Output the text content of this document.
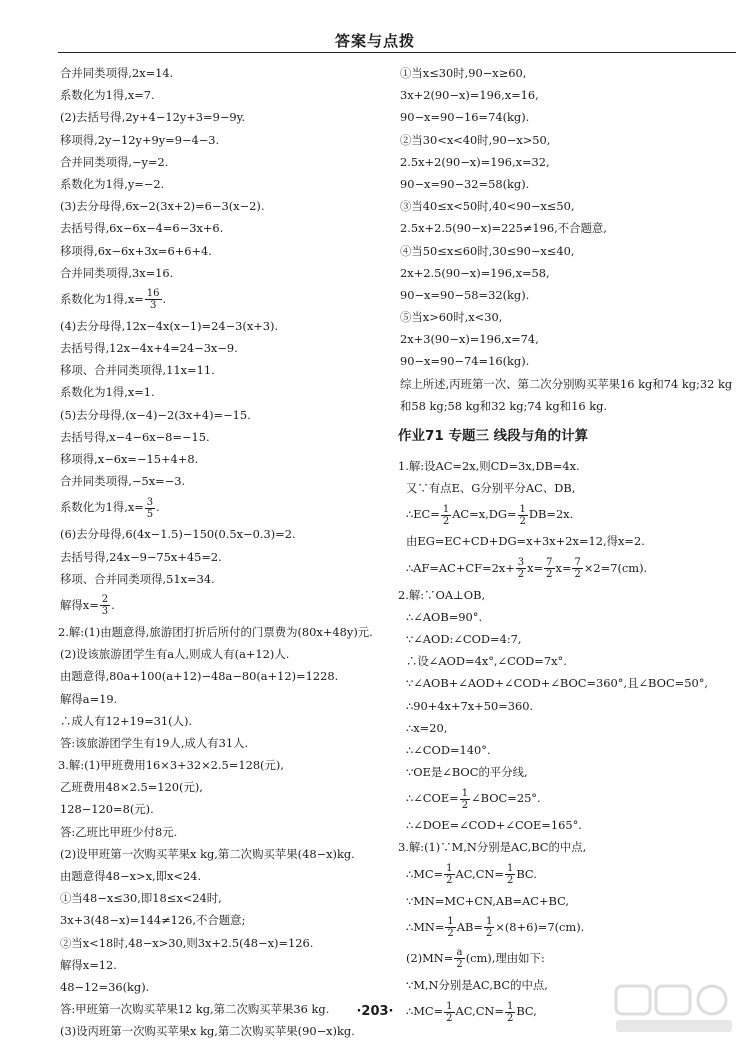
答案与点拨
合并同类项得,2x=14.
系数化为1得,x=7.
(2)去括号得,2y+4−12y+3=9−9y.
移项得,2y−12y+9y=9−4−3.
合并同类项得,−y=2.
系数化为1得,y=−2.
(3)去分母得,6x−2(3x+2)=6−3(x−2).
去括号得,6x−6x−4=6−3x+6.
移项得,6x−6x+3x=6+6+4.
合并同类项得,3x=16.
系数化为1得$,x= \frac{16}{3}$ .
(4)去分母得,12x−4x(x−1)=24−3(x+3).
去括号得,12x−4x+4=24−3x−9.
移项、合并同类项得,11x=11.
系数化为1得,x=1.
(5)去分母得,(x−4)−2(3x+4)=−15.
去括号得,x−4−6x−8=−15.
移项得,x−6x=−15+4+8.
合并同类项得,−5x=−3.
系数化为1得$,x= \frac{3}{5}$ .
(6)去分母得,6(4x−1.5)−150(0.5x−0.3)=2.
去括号得,24x−9−75x+45=2.
移项、合并同类项得,51x=34.
解得$x= \frac{2}{3}$ .
2.解:(1)由题意得,旅游团打折后所付的门票费为(80x+48y)元.
(2)设该旅游团学生有a人,则成人有(a+12)人.
由题意得,80a+100(a+12)−48a−80(a+12)=1228.
解得a=19.
∴成人有12+19=31(人).
答:该旅游团学生有19人,成人有31人.
3.解:(1)甲班费用16×3+32×2.5=128(元),
乙班费用48×2.5=120(元),
128−120=8(元).
答:乙班比甲班少付8元.
(2)设甲班第一次购买苹果x kg,第二次购买苹果(48−x)kg.
由题意得48−x>x,即x<24.
①当48−x≤30,即18≤x<24时,
3x+3(48−x)=144≠126,不合题意;
②当x<18时,48−x>30,则3x+2.5(48−x)=126.
解得x=12.
48−12=36(kg).
答:甲班第一次购买苹果12 kg,第二次购买苹果36 kg.
(3)设丙班第一次购买苹果x kg,第二次购买苹果(90−x)kg.
①当x≤30时,90−x≥60,
3x+2(90−x)=196,x=16,
90−x=90−16=74(kg).
②当30<x<40时,90−x>50,
2.5x+2(90−x)=196,x=32,
90−x=90−32=58(kg).
③当40≤x<50时,40<90−x≤50,
2.5x+2.5(90−x)=225≠196,不合题意,
④当50≤x≤60时,30≤90−x≤40,
2x+2.5(90−x)=196,x=58,
90−x=90−58=32(kg).
⑤当x>60时,x<30,
2x+3(90−x)=196,x=74,
90−x=90−74=16(kg).
综上所述,丙班第一次、第二次分别购买苹果16 kg和74 kg;32 kg
和58 kg;58 kg和32 kg;74 kg和16 kg.
作业71 专题三 线段与角的计算
1.解:设AC=2x,则CD=3x,DB=4x.
又∵有点E、G分别平分AC、DB,
∴EC= $\frac{1}{2} AC=x,DG= \frac{1}{2} DB=2x$.
由EG=EC+CD+DG=x+3x+2x=12,得x=2.
∴AF=AC+CF=2x+ $\frac{3}{2} x= \frac{7}{2} x= \frac{7}{2} \times 2=7(cm)$.
2.解:∵OA⊥OB,
∴∠AOB=90°.
∵∠AOD:∠COD=4:7,
∴设∠AOD=4x°,∠COD=7x°.
∵∠AOB+∠AOD+∠COD+∠BOC=360°,且∠BOC=50°,
∴90+4x+7x+50=360.
∴x=20,
∴∠COD=140°.
∵OE是∠BOC的平分线,
∴∠COE= $\frac{1}{2}$ ∠BOC=25°.
∴∠DOE=∠COD+∠COE=165°.
3.解:(1)∵M,N分别是AC,BC的中点,
∴MC= $\frac{1}{2} AC,CN= \frac{1}{2}$ BC.
∵MN=MC+CN,AB=AC+BC,
∴MN= $\frac{1}{2} AB= \frac{1}{2} \times(8+6)=7(cm)$.
$(2)MN= \frac{a}{2} (cm)$,理由如下:
∵M,N分别是AC,BC的中点,
∴MC= $\frac{1}{2} AC,CN= \frac{1}{2}$ BC,
·203·
